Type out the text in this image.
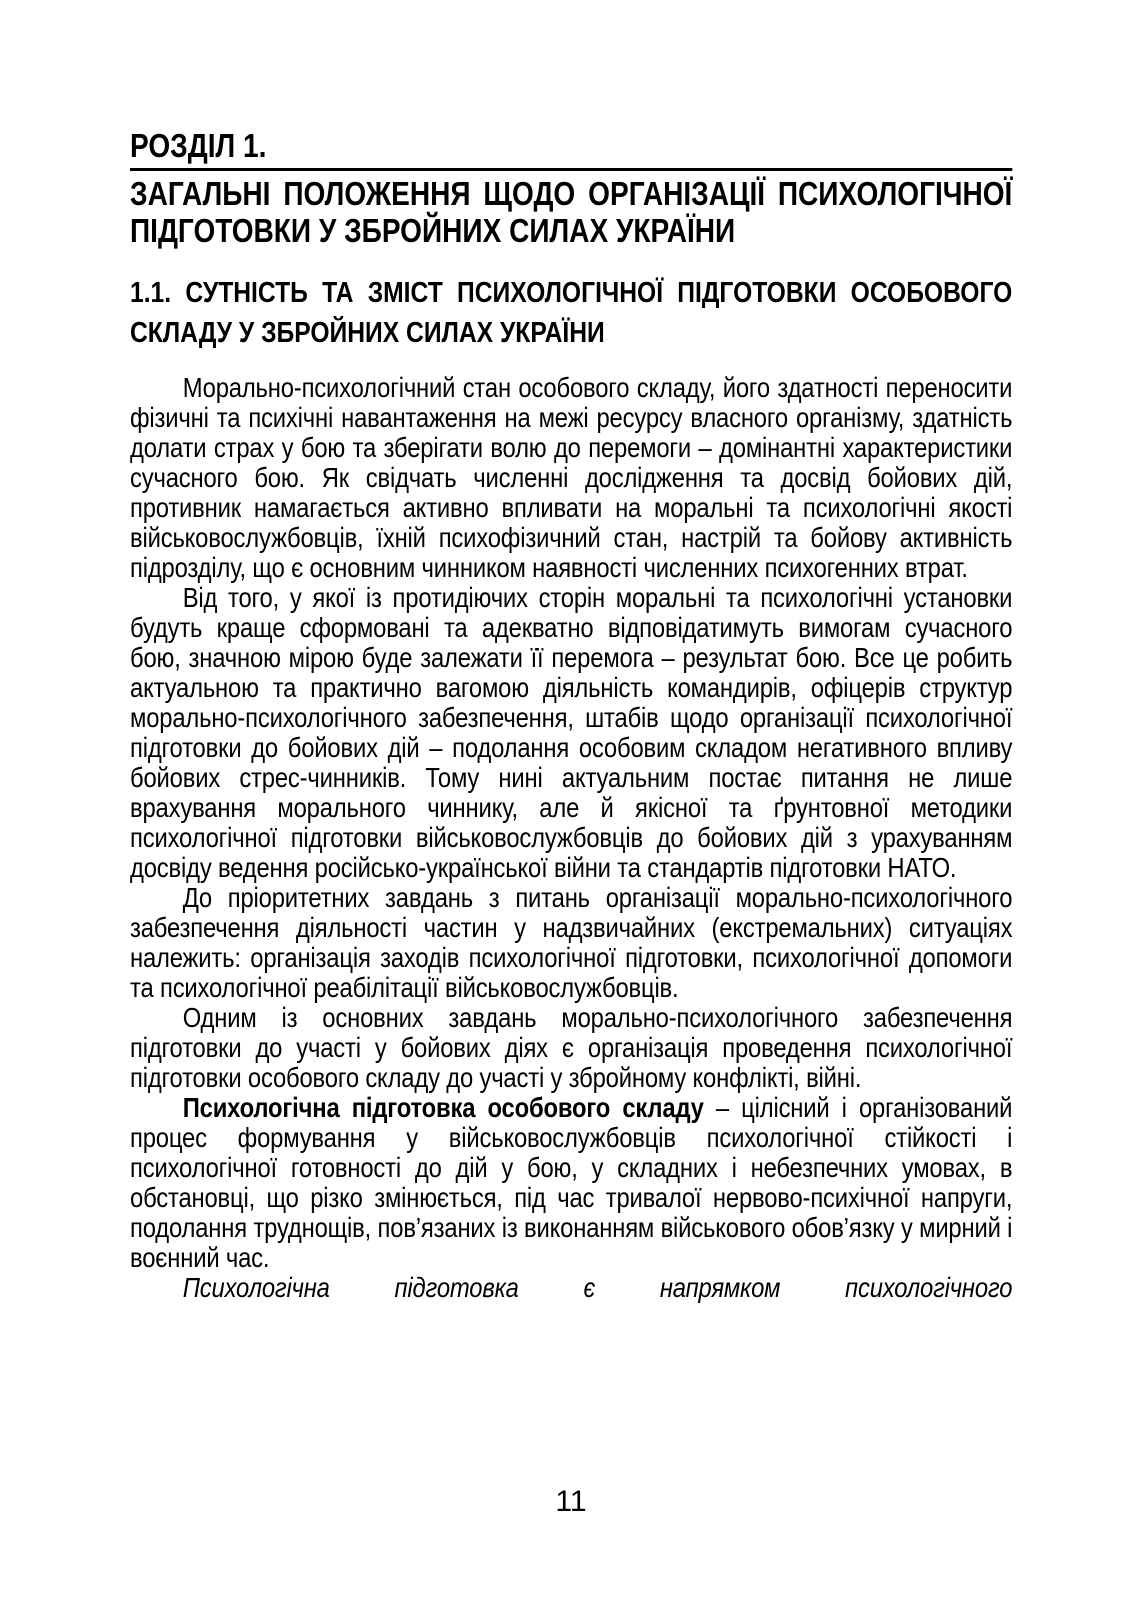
РОЗДІЛ 1.
ЗАГАЛЬНІ ПОЛОЖЕННЯ ЩОДО ОРГАНІЗАЦІЇ ПСИХОЛОГІЧНОЇ ПІДГОТОВКИ У ЗБРОЙНИХ СИЛАХ УКРАЇНИ
1.1. СУТНІСТЬ ТА ЗМІСТ ПСИХОЛОГІЧНОЇ ПІДГОТОВКИ ОСОБОВОГО СКЛАДУ У ЗБРОЙНИХ СИЛАХ УКРАЇНИ

Морально-психологічний стан особового складу, його здатності переносити фізичні та психічні навантаження на межі ресурсу власного організму, здатність долати страх у бою та зберігати волю до перемоги – домінантні характеристики сучасного бою. Як свідчать численні дослідження та досвід бойових дій, противник намагається активно впливати на моральні та психологічні якості військовослужбовців, їхній психофізичний стан, настрій та бойову активність підрозділу, що є основним чинником наявності численних психогенних втрат.

Від того, у якої із протидіючих сторін моральні та психологічні установки будуть краще сформовані та адекватно відповідатимуть вимогам сучасного бою, значною мірою буде залежати її перемога – результат бою. Все це робить актуальною та практично вагомою діяльність командирів, офіцерів структур морально-психологічного забезпечення, штабів щодо організації психологічної підготовки до бойових дій – подолання особовим складом негативного впливу бойових стрес-чинників. Тому нині актуальним постає питання не лише врахування морального чиннику, але й якісної та ґрунтовної методики психологічної підготовки військовослужбовців до бойових дій з урахуванням досвіду ведення російсько-української війни та стандартів підготовки НАТО.

До пріоритетних завдань з питань організації морально-психологічного забезпечення діяльності частин у надзвичайних (екстремальних) ситуаціях належить: організація заходів психологічної підготовки, психологічної допомоги та психологічної реабілітації військовослужбовців.

Одним із основних завдань морально-психологічного забезпечення підготовки до участі у бойових діях є організація проведення психологічної підготовки особового складу до участі у збройному конфлікті, війні.

Психологічна підготовка особового складу – цілісний і організований процес формування у військовослужбовців психологічної стійкості і психологічної готовності до дій у бою, у складних і небезпечних умовах, в обстановці, що різко змінюється, під час тривалої нервово-психічної напруги, подолання труднощів, пов’язаних із виконанням військового обов’язку у мирний і воєнний час.

Психологічна підготовка є напрямком психологічного

11
